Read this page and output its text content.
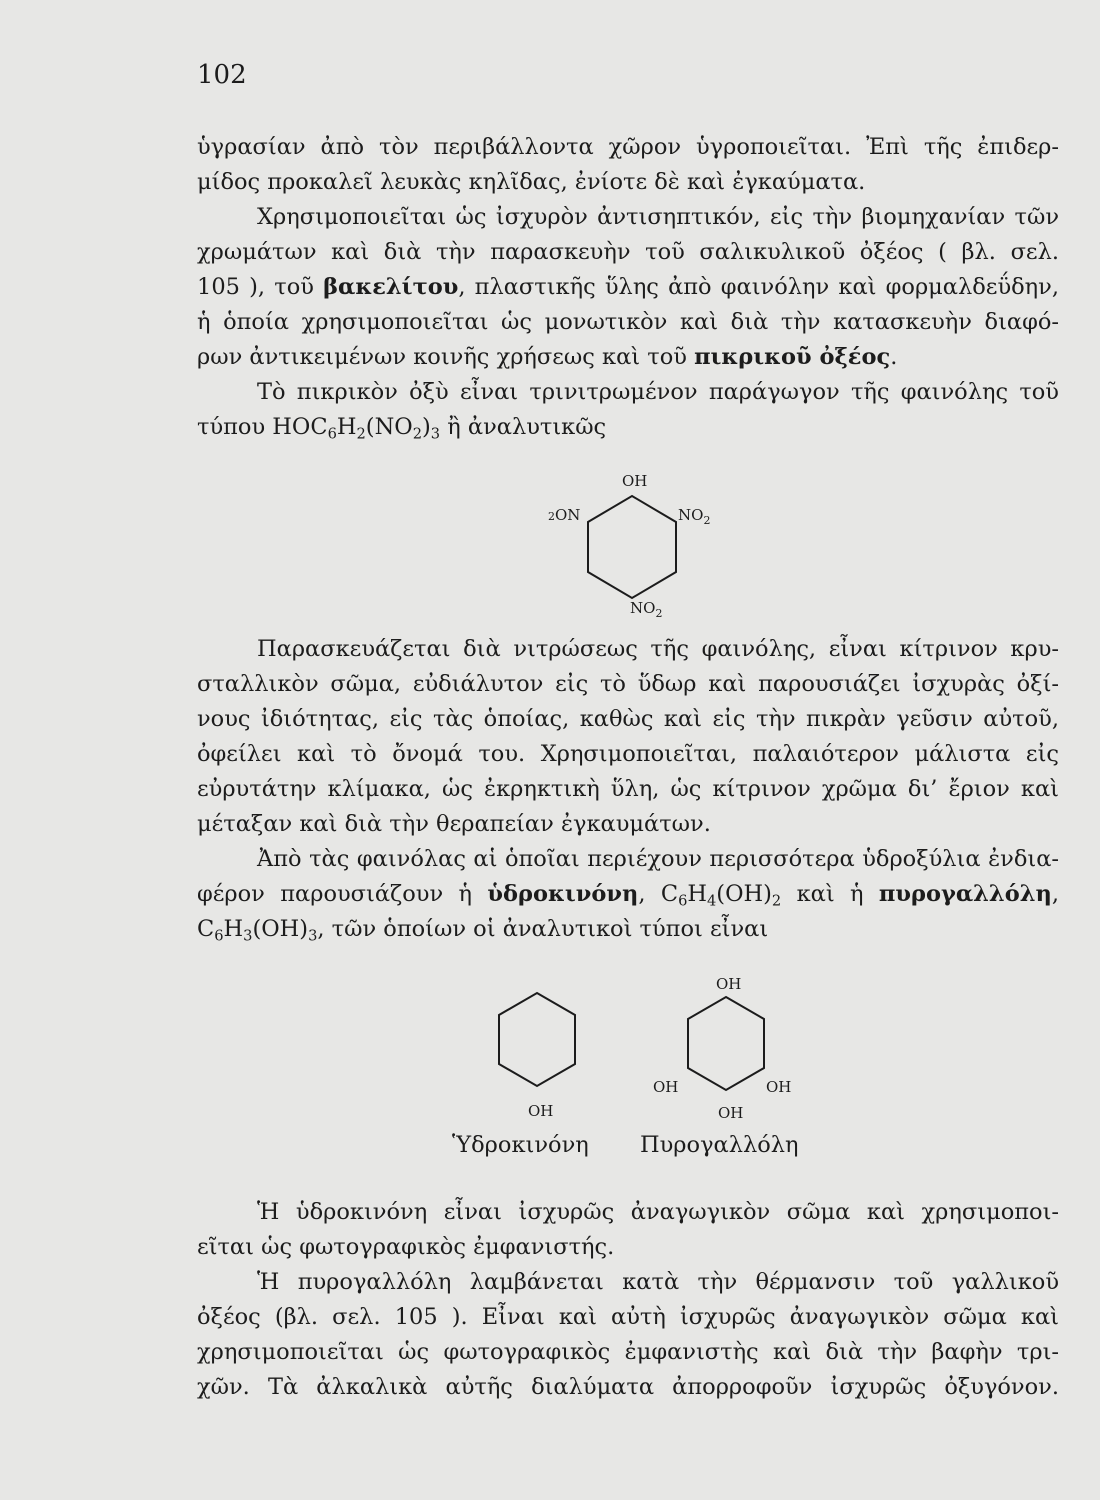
102

ὑγρασίαν ἀπὸ τὸν περιβάλλοντα χῶρον ὑγροποιεῖται. Ἐπὶ τῆς ἐπιδερ-

μίδος προκαλεῖ λευκὰς κηλῖδας, ἐνίοτε δὲ καὶ ἐγκαύματα.

Χρησιμοποιεῖται ὡς ἰσχυρὸν ἀντισηπτικόν, εἰς τὴν βιομηχανίαν τῶν

χρωμάτων καὶ διὰ τὴν παρασκευὴν τοῦ σαλικυλικοῦ ὀξέος ( βλ. σελ.

105 ), τοῦ βακελίτου, πλαστικῆς ὕλης ἀπὸ φαινόλην καὶ φορμαλδεΰδην,

ἡ ὁποία χρησιμοποιεῖται ὡς μονωτικὸν καὶ διὰ τὴν κατασκευὴν διαφό-

ρων ἀντικειμένων κοινῆς χρήσεως καὶ τοῦ πικρικοῦ ὀξέος.

Τὸ πικρικὸν ὀξὺ εἶναι τρινιτρωμένον παράγωγον τῆς φαινόλης τοῦ

τύπου $HOC_6H_2(NO_2)_3$ ἢ ἀναλυτικῶς

OH
2ON	$NO_2$
$NO_2$

Παρασκευάζεται διὰ νιτρώσεως τῆς φαινόλης, εἶναι κίτρινον κρυ-

σταλλικὸν σῶμα, εὐδιάλυτον εἰς τὸ ὕδωρ καὶ παρουσιάζει ἰσχυρὰς ὀξί-

νους ἰδιότητας, εἰς τὰς ὁποίας, καθὼς καὶ εἰς τὴν πικρὰν γεῦσιν αὐτοῦ,

ὀφείλει καὶ τὸ ὄνομά του. Χρησιμοποιεῖται, παλαιότερον μάλιστα εἰς

εὐρυτάτην κλίμακα, ὡς ἐκρηκτικὴ ὕλη, ὡς κίτρινον χρῶμα δι’ ἔριον καὶ

μέταξαν καὶ διὰ τὴν θεραπείαν ἐγκαυμάτων.

Ἀπὸ τὰς φαινόλας αἱ ὁποῖαι περιέχουν περισσότερα ὑδροξύλια ἐνδια-

φέρον παρουσιάζουν ἡ ὑδροκινόνη, $C_6H_4(OH)_2$ καὶ ἡ πυρογαλλόλη,

$C_6H_3(OH)_3$, τῶν ὁποίων οἱ ἀναλυτικοὶ τύποι εἶναι

OH
OH
OH	OH
OH
Ὑδροκινόνη Πυρογαλλόλη

Ἡ ὑδροκινόνη εἶναι ἰσχυρῶς ἀναγωγικὸν σῶμα καὶ χρησιμοποι-

εῖται ὡς φωτογραφικὸς ἐμφανιστής.

Ἡ πυρογαλλόλη λαμβάνεται κατὰ τὴν θέρμανσιν τοῦ γαλλικοῦ

ὀξέος (βλ. σελ. 105 ). Εἶναι καὶ αὐτὴ ἰσχυρῶς ἀναγωγικὸν σῶμα καὶ

χρησιμοποιεῖται ὡς φωτογραφικὸς ἐμφανιστὴς καὶ διὰ τὴν βαφὴν τρι-

χῶν. Τὰ ἀλκαλικὰ αὐτῆς διαλύματα ἀπορροφοῦν ἰσχυρῶς ὀξυγόνον.
